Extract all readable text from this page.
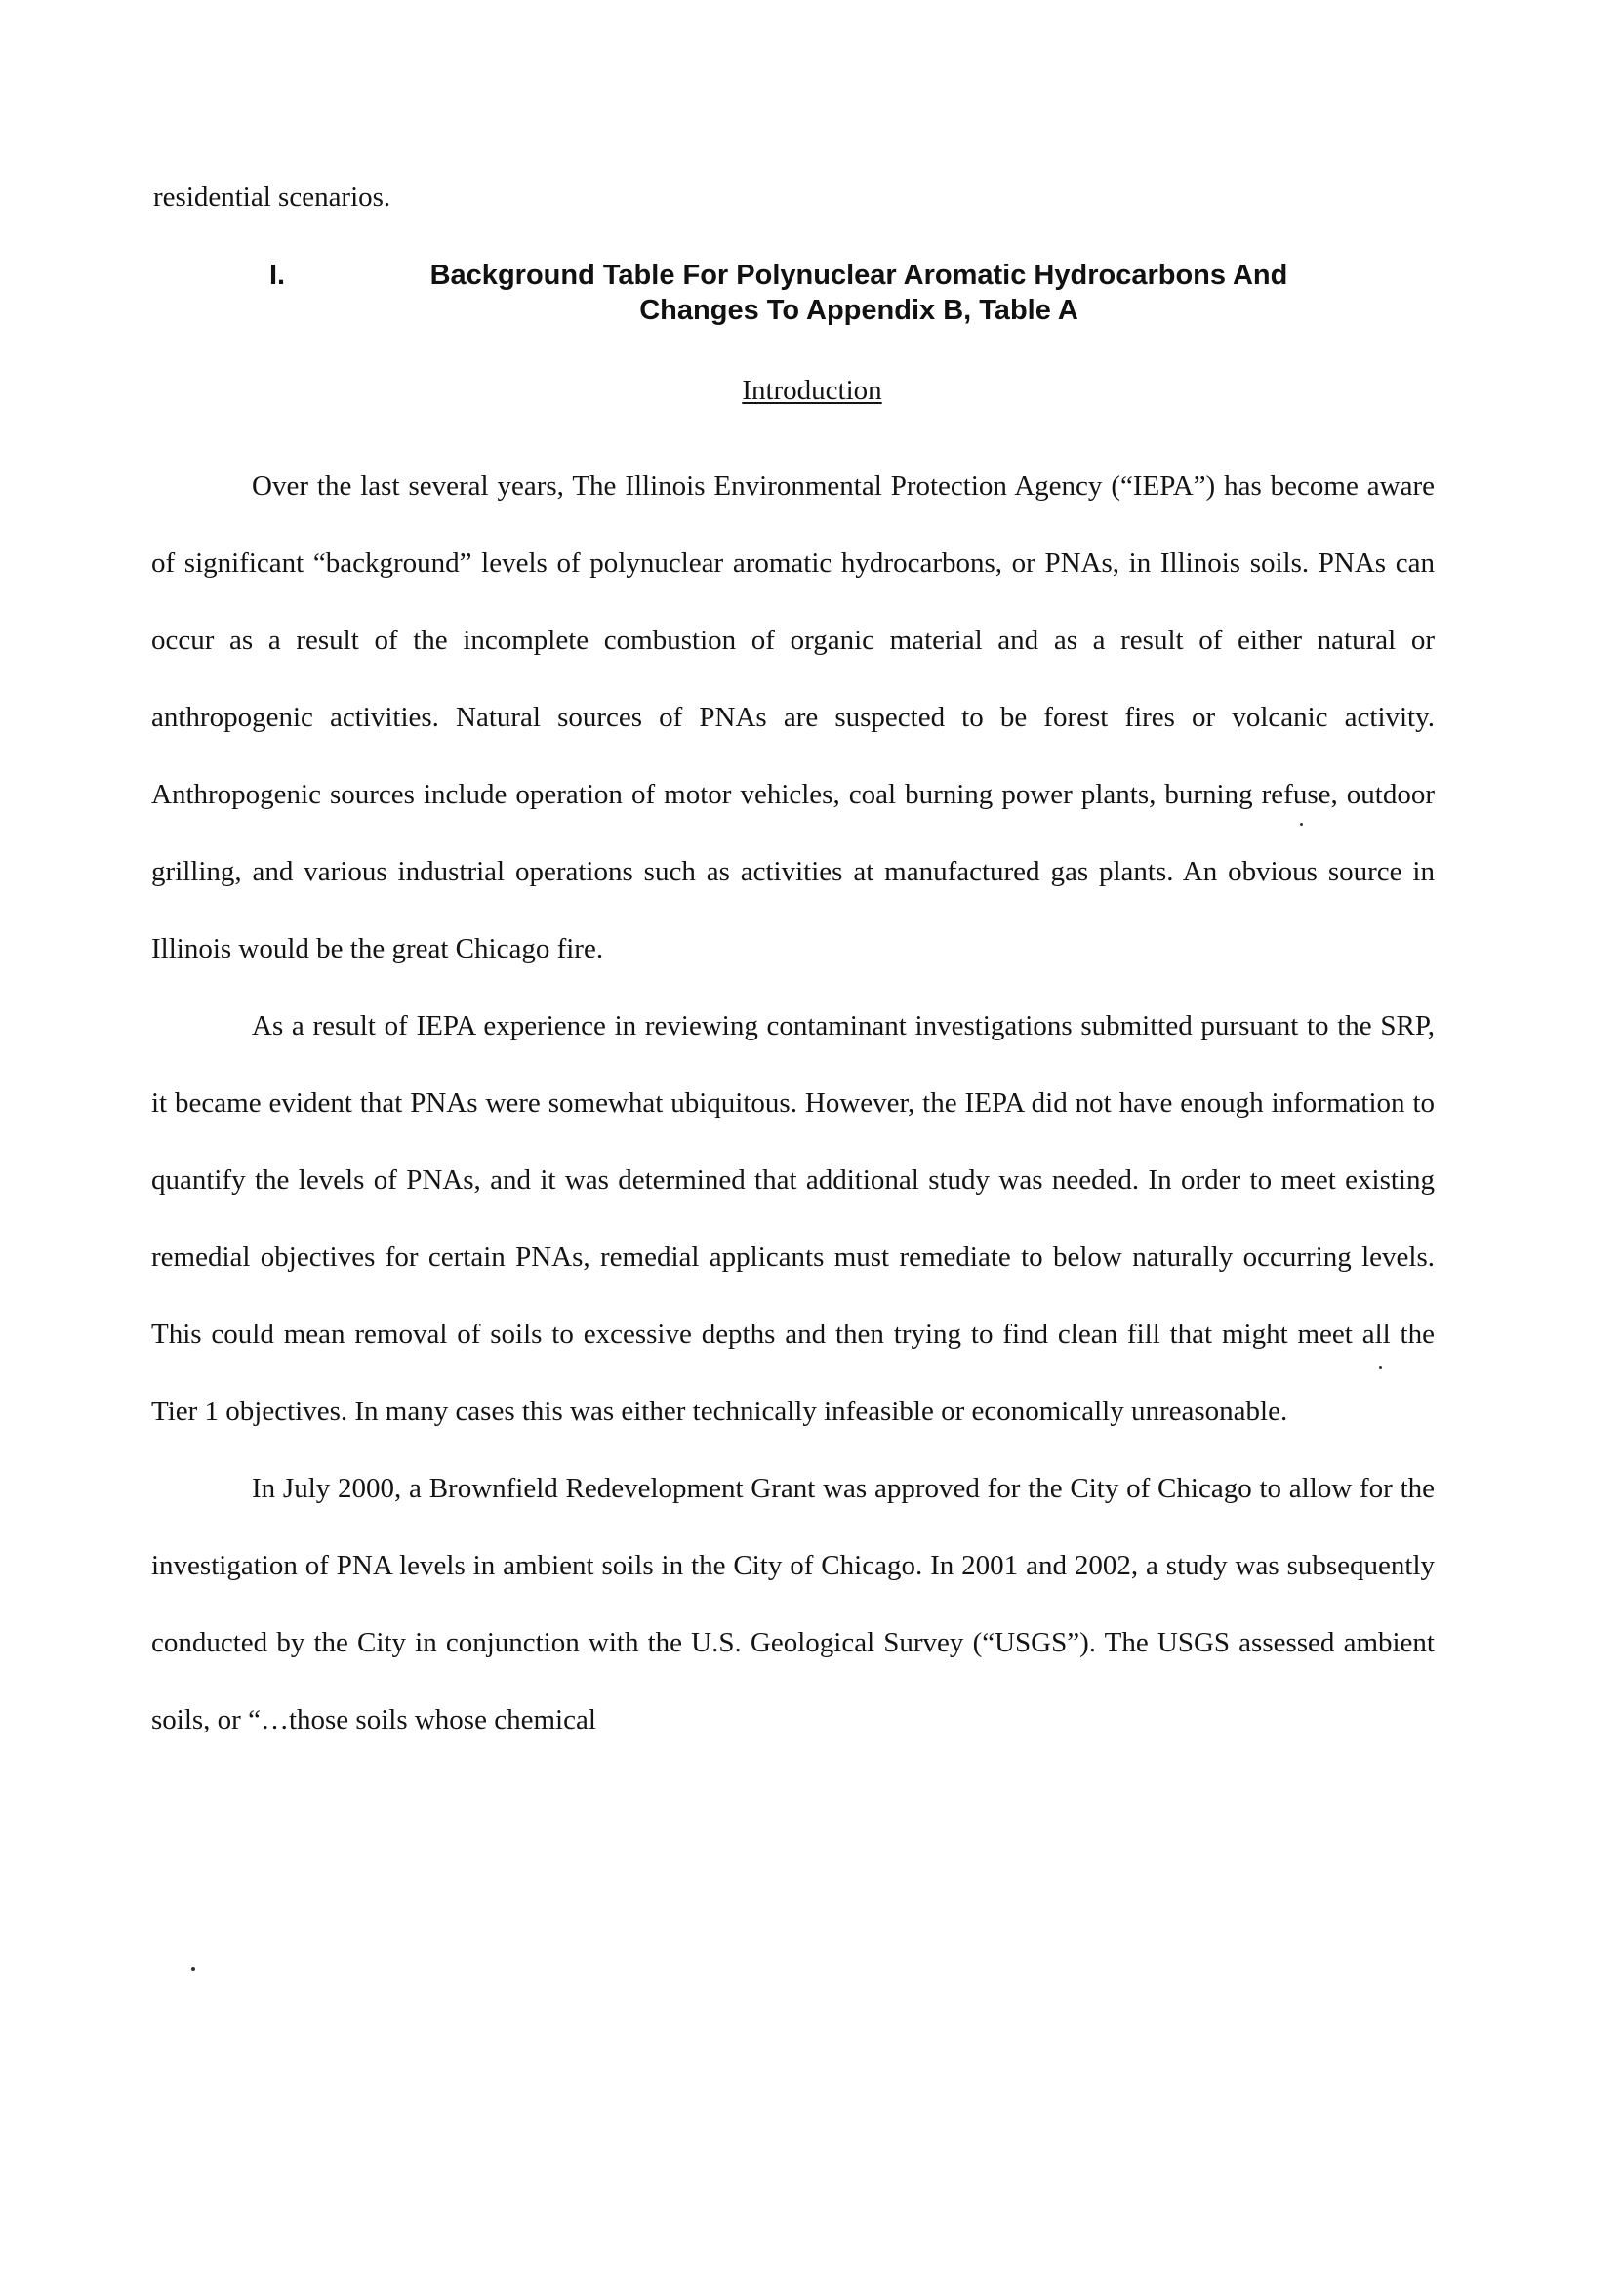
residential scenarios.

I.	Background Table For Polynuclear Aromatic Hydrocarbons And
Changes To Appendix B, Table A
Introduction

Over the last several years, The Illinois Environmental Protection Agency (“IEPA”) has become aware of significant “background” levels of polynuclear aromatic hydrocarbons, or PNAs, in Illinois soils. PNAs can occur as a result of the incomplete combustion of organic material and as a result of either natural or anthropogenic activities. Natural sources of PNAs are suspected to be forest fires or volcanic activity. Anthropogenic sources include operation of motor vehicles, coal burning power plants, burning refuse, outdoor grilling, and various industrial operations such as activities at manufactured gas plants. An obvious source in Illinois would be the great Chicago fire.

As a result of IEPA experience in reviewing contaminant investigations submitted pursuant to the SRP, it became evident that PNAs were somewhat ubiquitous. However, the IEPA did not have enough information to quantify the levels of PNAs, and it was determined that additional study was needed. In order to meet existing remedial objectives for certain PNAs, remedial applicants must remediate to below naturally occurring levels. This could mean removal of soils to excessive depths and then trying to find clean fill that might meet all the Tier 1 objectives. In many cases this was either technically infeasible or economically unreasonable.

In July 2000, a Brownfield Redevelopment Grant was approved for the City of Chicago to allow for the investigation of PNA levels in ambient soils in the City of Chicago. In 2001 and 2002, a study was subsequently conducted by the City in conjunction with the U.S. Geological Survey (“USGS”). The USGS assessed ambient soils, or “…those soils whose chemical
